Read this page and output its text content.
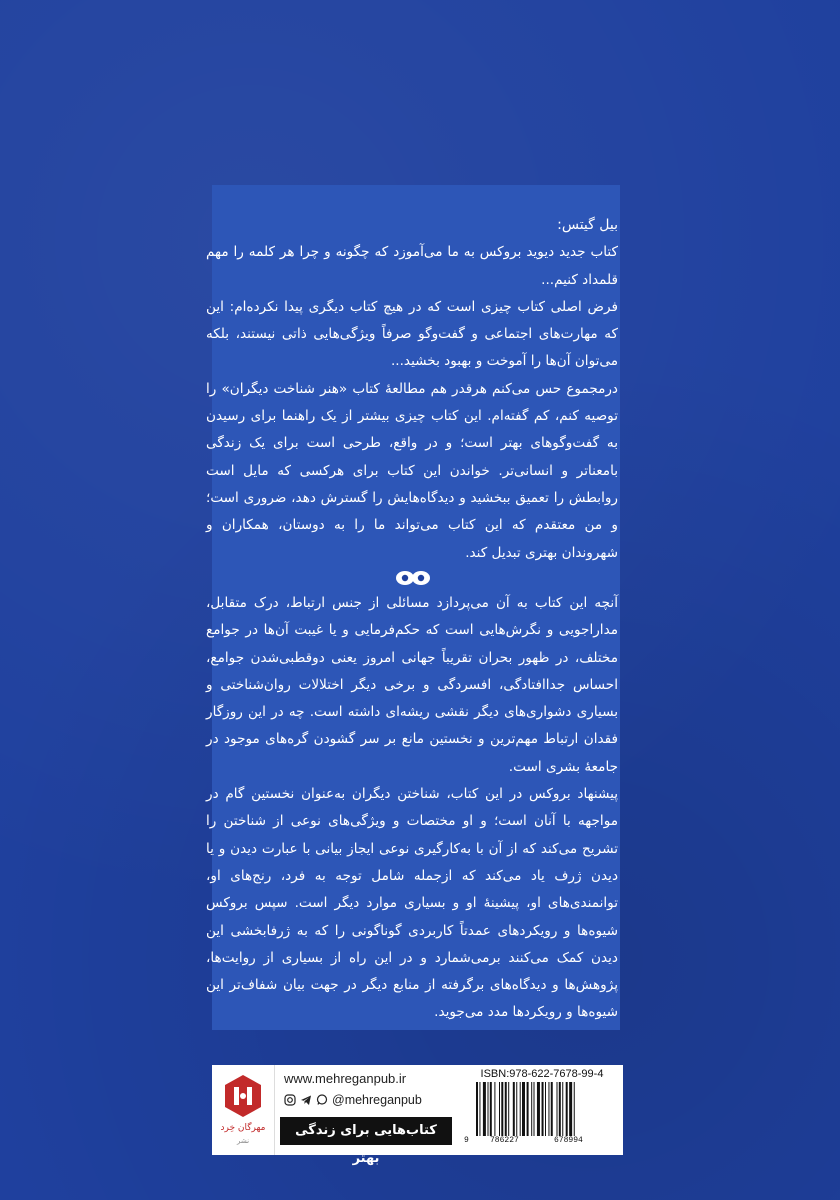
بیل گیتس:

کتاب جدید دیوید بروکس به ما می‌آموزد که چگونه و چرا هر کلمه را مهم قلمداد کنیم...

فرض اصلی کتاب چیزی است که در هیچ کتاب دیگری پیدا نکرده‌ام: این که مهارت‌های اجتماعی و گفت‌وگو صرفاً ویژگی‌هایی ذاتی نیستند، بلکه می‌توان آن‌ها را آموخت و بهبود بخشید...

درمجموع حس می‌کنم هرقدر هم مطالعهٔ کتاب «هنر شناخت دیگران» را توصیه کنم، کم گفته‌ام. این کتاب چیزی بیشتر از یک راهنما برای رسیدن به گفت‌وگوهای بهتر است؛ و در واقع، طرحی است برای یک زندگی بامعناتر و انسانی‌تر. خواندن این کتاب برای هرکسی که مایل است روابطش را تعمیق ببخشید و دیدگاه‌هایش را گسترش دهد، ضروری است؛ و من معتقدم که این کتاب می‌تواند ما را به دوستان، همکاران و شهروندان بهتری تبدیل کند.

آنچه این کتاب به آن می‌پردازد مسائلی از جنس ارتباط، درک متقابل، مداراجویی و نگرش‌هایی است که حکم‌فرمایی و یا غیبت آن‌ها در جوامع مختلف، در ظهور بحران تقریباً جهانی امروز یعنی دوقطبی‌شدن جوامع، احساس جداافتادگی، افسردگی و برخی دیگر اختلالات روان‌شناختی و بسیاری دشواری‌های دیگر نقشی ریشه‌ای داشته است. چه در این روزگار فقدان ارتباط مهم‌ترین و نخستین مانع بر سر گشودن گره‌های موجود در جامعهٔ بشری است.

پیشنهاد بروکس در این کتاب، شناختن دیگران به‌عنوان نخستین گام در مواجهه با آنان است؛ و او مختصات و ویژگی‌های نوعی از شناختن را تشریح می‌کند که از آن با به‌کارگیری نوعی ایجاز بیانی با عبارت دیدن و یا دیدن ژرف یاد می‌کند که ازجمله شامل توجه به فرد، رنج‌های او، توانمندی‌های او، پیشینهٔ او و بسیاری موارد دیگر است. سپس بروکس شیوه‌ها و رویکردهای عمدتاً کاربردی گوناگونی را که به ژرفابخشی این دیدن کمک می‌کنند برمی‌شمارد و در این راه از بسیاری از روایت‌ها، پژوهش‌ها و دیدگاه‌های برگرفته از منابع دیگر در جهت بیان شفاف‌تر این شیوه‌ها و رویکردها مدد می‌جوید.

مهرگان خِرد
نشر
www.mehreganpub.ir
@mehreganpub
کتاب‌هایی برای زندگی بهتر
ISBN:978-622-7678-99-4
9	786227	678994
